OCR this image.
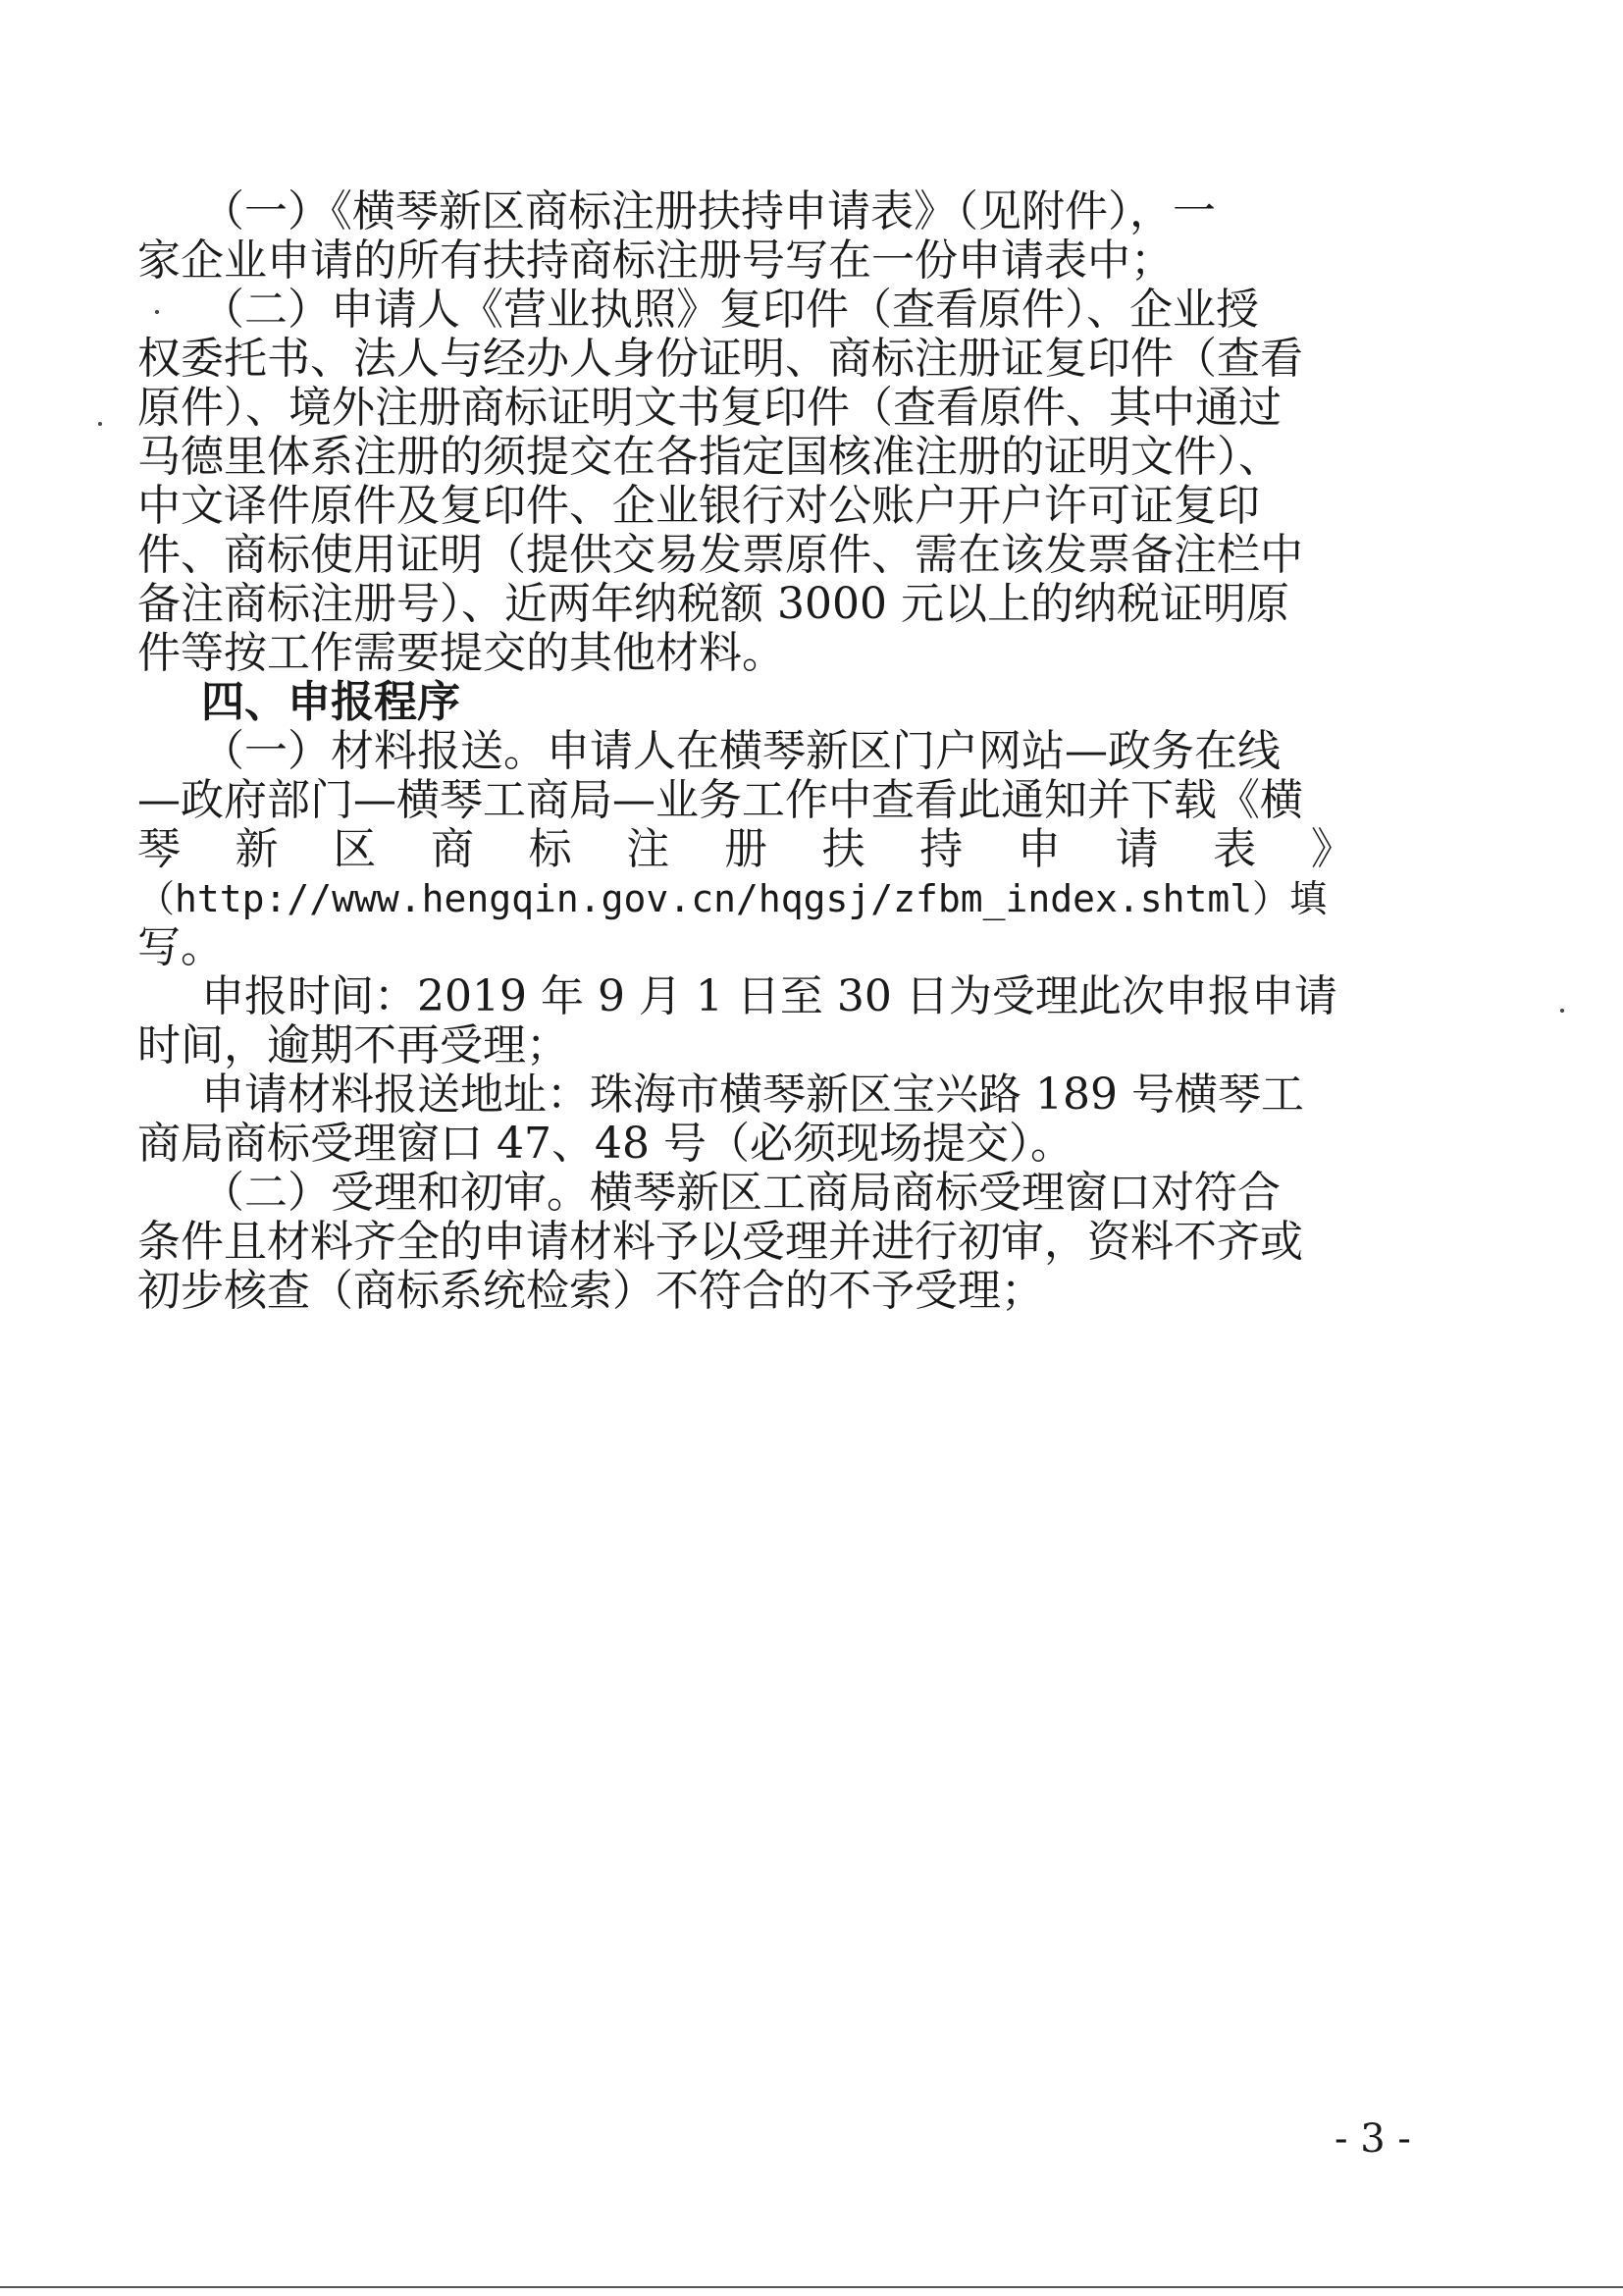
（一）《横琴新区商标注册扶持申请表》（见附件），一
家企业申请的所有扶持商标注册号写在一份申请表中；
（二）申请人《营业执照》复印件（查看原件）、企业授
权委托书、法人与经办人身份证明、商标注册证复印件（查看
原件）、境外注册商标证明文书复印件（查看原件、其中通过
马德里体系注册的须提交在各指定国核准注册的证明文件）、
中文译件原件及复印件、企业银行对公账户开户许可证复印
件、商标使用证明（提供交易发票原件、需在该发票备注栏中
备注商标注册号）、近两年纳税额 3000 元以上的纳税证明原
件等按工作需要提交的其他材料。
四、申报程序
（一）材料报送。申请人在横琴新区门户网站—政务在线
—政府部门—横琴工商局—业务工作中查看此通知并下载《横
琴 新 区 商 标 注 册 扶 持 申 请 表 》
（http://www.hengqin.gov.cn/hqgsj/zfbm_index.shtml）填
写。
申报时间：2019 年 9 月 1 日至 30 日为受理此次申报申请
时间，逾期不再受理；
申请材料报送地址：珠海市横琴新区宝兴路 189 号横琴工
商局商标受理窗口 47、48 号（必须现场提交）。
（二）受理和初审。横琴新区工商局商标受理窗口对符合
条件且材料齐全的申请材料予以受理并进行初审，资料不齐或
初步核查（商标系统检索）不符合的不予受理；
- 3 -
